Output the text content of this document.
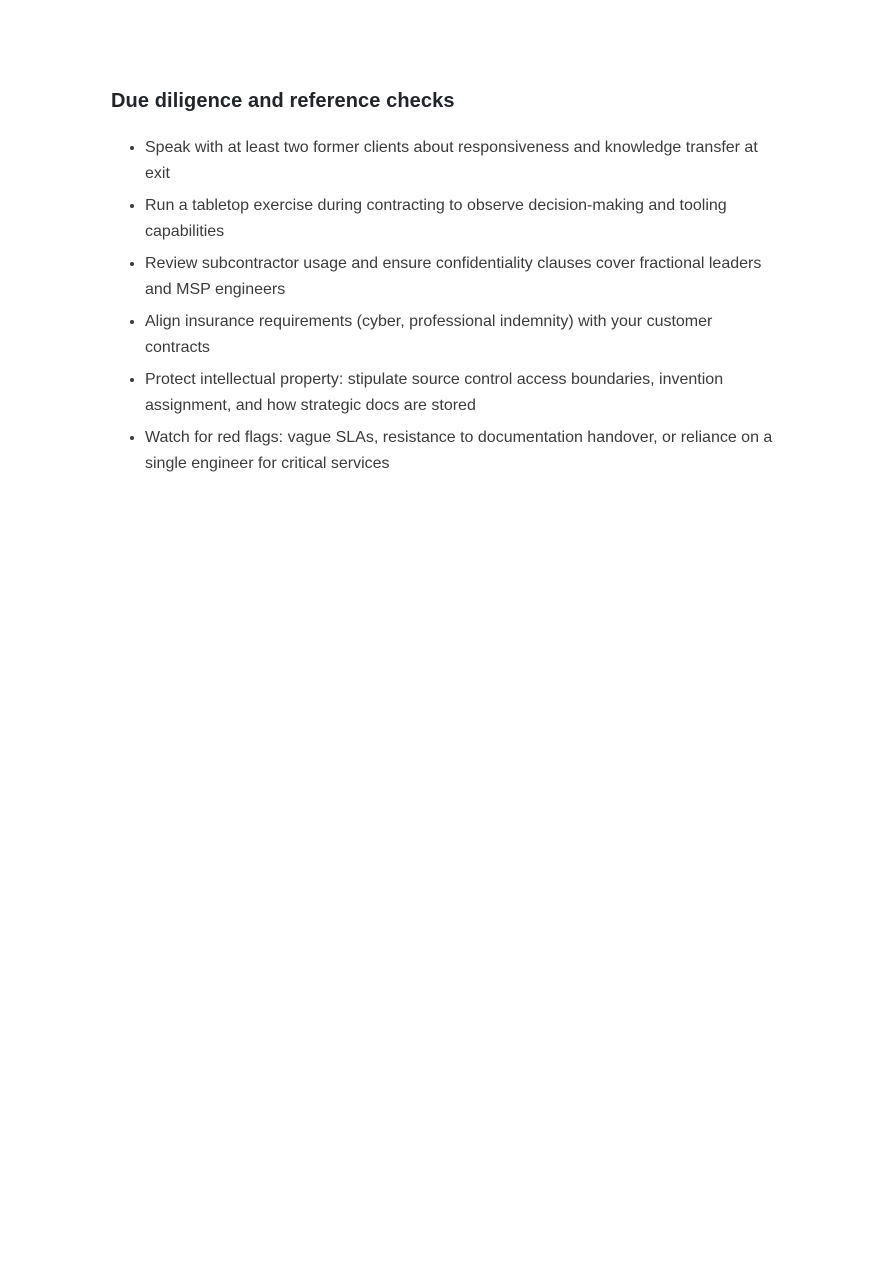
Due diligence and reference checks
• Speak with at least two former clients about responsiveness and knowledge transfer at exit
• Run a tabletop exercise during contracting to observe decision-making and tooling capabilities
• Review subcontractor usage and ensure confidentiality clauses cover fractional leaders and MSP engineers
• Align insurance requirements (cyber, professional indemnity) with your customer contracts
• Protect intellectual property: stipulate source control access boundaries, invention assignment, and how strategic docs are stored
• Watch for red flags: vague SLAs, resistance to documentation handover, or reliance on a single engineer for critical services
